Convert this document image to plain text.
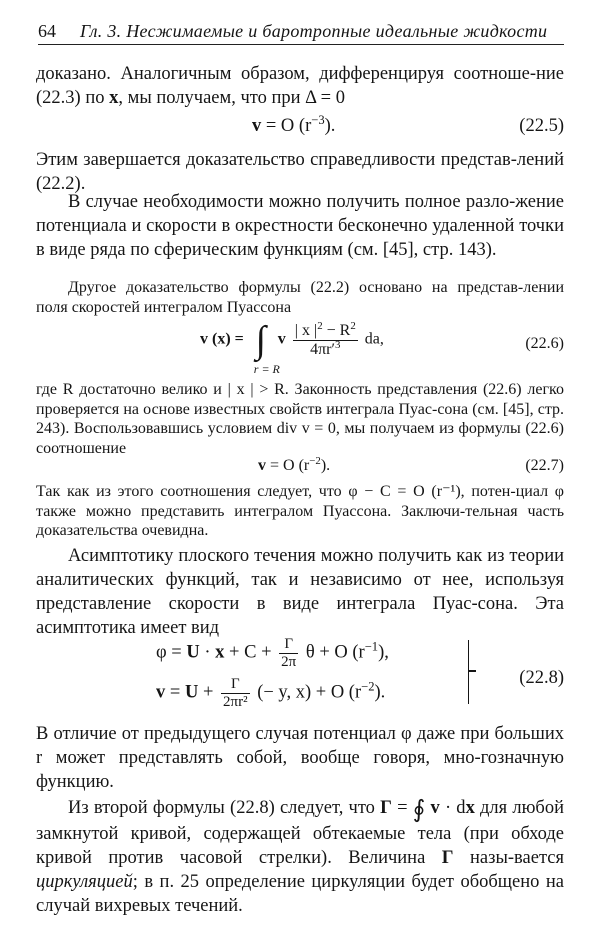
64 Гл. 3. Несжимаемые и баротропные идеальные жидкости

доказано. Аналогичным образом, дифференцируя соотноше-ние (22.3) по x, мы получаем, что при Δ = 0

v = O $(r^{-3})$.	(22.5)

Этим завершается доказательство справедливости представ-лений (22.2).

В случае необходимости можно получить полное разло-жение потенциала и скорости в окрестности бесконечно удаленной точки в виде ряда по сферическим функциям (см. [45], стр. 143).

Другое доказательство формулы (22.2) основано на представ-лении поля скоростей интегралом Пуассона

v (x) = ∫
r = R
v $\frac{| x |^2 - R^2}{4\pi r'^3}$ da,	(22.6)

где R достаточно велико и | x | > R. Законность представления (22.6) легко проверяется на основе известных свойств интеграла Пуас-сона (см. [45], стр. 243). Воспользовавшись условием div v = 0, мы получаем из формулы (22.6) соотношение

v = O $(r^{-2})$.	(22.7)

Так как из этого соотношения следует, что φ − C = O (r⁻¹), потен-циал φ также можно представить интегралом Пуассона. Заключи-тельная часть доказательства очевидна.

Асимптотику плоского течения можно получить как из теории аналитических функций, так и независимо от нее, используя представление скорости в виде интеграла Пуас-сона. Эта асимптотика имеет вид

$\varphi = U \cdot x + C + \frac{\Gamma}{2\pi}$ θ + O $(r^{-1})$,
$v = U + \frac{\Gamma}{\text{2πr²}}$ (− y, x) + O $(r^{-2})$.
(22.8)

В отличие от предыдущего случая потенциал φ даже при больших r может представлять собой, вообще говоря, мно-гозначную функцию.

Из второй формулы (22.8) следует, что Γ = ∮ v · dx для любой замкнутой кривой, содержащей обтекаемые тела (при обходе кривой против часовой стрелки). Величина Γ назы-вается циркуляцией; в п. 25 определение циркуляции будет обобщено на случай вихревых течений.
